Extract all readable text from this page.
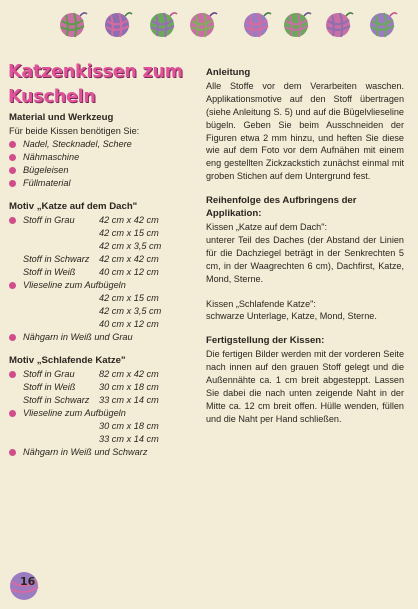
Katzenkissen zum
Kuscheln
Material und Werkzeug
Für beide Kissen benötigen Sie:
Nadel, Stecknadel, Schere
Nähmaschine
Bügeleisen
Füllmaterial
Motiv „Katze auf dem Dach"
Stoff in Grau	42 cm x 42 cm
42 cm x 15 cm
42 cm x 3,5 cm
Stoff in Schwarz	42 cm x 42 cm
Stoff in Weiß	40 cm x 12 cm
Vlieseline zum Aufbügeln
42 cm x 15 cm
42 cm x 3,5 cm
40 cm x 12 cm
Nähgarn in Weiß und Grau
Motiv „Schlafende Katze"
Stoff in Grau	82 cm x 42 cm
Stoff in Weiß	30 cm x 18 cm
Stoff in Schwarz	33 cm x 14 cm
Vlieseline zum Aufbügeln
30 cm x 18 cm
33 cm x 14 cm
Nähgarn in Weiß und Schwarz
Anleitung
Alle Stoffe vor dem Verarbeiten waschen. Applikationsmotive auf den Stoff übertragen (siehe Anleitung S. 5) und auf die Bügelvlieseline bügeln. Geben Sie beim Ausschneiden der Figuren etwa 2 mm hinzu, und heften Sie diese wie auf dem Foto vor dem Aufnähen mit einem eng gestellten Zickzackstich zunächst einmal mit groben Stichen auf dem Untergrund fest.
Reihenfolge des Aufbringens der Applikation:
Kissen „Katze auf dem Dach":
unterer Teil des Daches (der Abstand der Linien für die Dachziegel beträgt in der Senkrechten 5 cm, in der Waagrechten 6 cm), Dachfirst, Katze, Mond, Sterne.
Kissen „Schlafende Katze":
schwarze Unterlage, Katze, Mond, Sterne.
Fertigstellung der Kissen:
Die fertigen Bilder werden mit der vorderen Seite nach innen auf den grauen Stoff gelegt und die Außennähte ca. 1 cm breit abgesteppt. Lassen Sie dabei die nach unten zeigende Naht in der Mitte ca. 12 cm breit offen. Hülle wenden, füllen und die Naht per Hand schließen.
16
